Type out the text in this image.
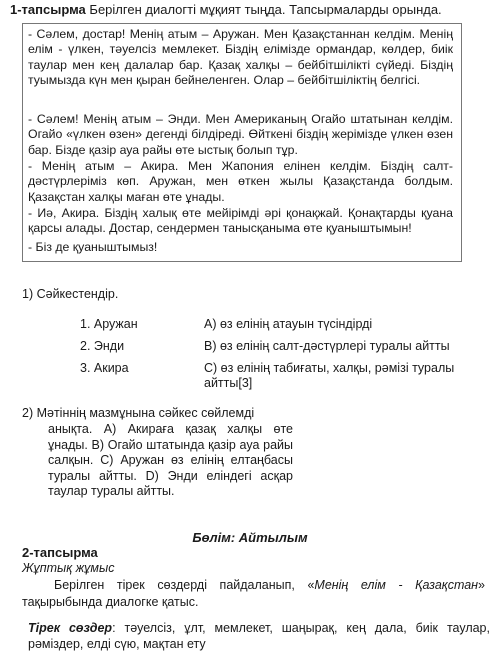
1-тапсырма Берілген диалогті мұқият тыңда. Тапсырмаларды орында.
- Сәлем, достар! Менің атым – Аружан. Мен Қазақстаннан келдім. Менің елім - үлкен, тәуелсіз мемлекет. Біздің елімізде ормандар, көлдер, биік таулар мен кең далалар бар. Қазақ халқы – бейбітшілікті сүйеді. Біздің туымызда күн мен қыран бейнеленген. Олар – бейбітшіліктің белгісі.
- Сәлем! Менің атым – Энди. Мен Американың Огайо штатынан келдім. Огайо «үлкен өзен» дегенді білдіреді. Өйткені біздің жерімізде үлкен өзен бар. Біздe қазір ауа райы өте ыстық болып тұр.
- Менің атым – Акира. Мен Жапония елінен келдім. Біздің салт-дәстүрлеріміз көп. Аружан, мен өткен жылы Қазақстанда болдым. Қазақстан халқы маған өте ұнады.
- Иә, Акира. Біздің халық өте мейірімді әрі қонақжай. Қонақтарды қуана қарсы алады. Достар, сендермен танысқаныма өте қуаныштымын!
- Біз де қуаныштымыз!
1) Сәйкестендір.
1. Аружан	А) өз елінің атауын түсіндірді
2. Энди	В) өз елінің салт-дәстүрлері туралы айтты
3. Акира	С) өз елінің табиғаты, халқы, рәмізі туралы айтты[3]
2) Мәтіннің мазмұнына сәйкес сөйлемді
анықта. А) Акираға қазақ халқы өте ұнады. В) Огайо штатында қазір ауа райы салқын. С) Аружан өз елінің елтаңбасы туралы айтты. D) Энди еліндегі асқар таулар туралы айтты.
Бөлім: Айтылым
2-тапсырма
Жұптық жұмыс
Берілген тірек сөздерді пайдаланып, «Менің елім - Қазақстан» тақырыбында диалогке қатыс.
Тірек сөздер: тәуелсіз, ұлт, мемлекет, шаңырақ, кең дала, биік таулар, рәміздер, елді сүю, мақтан ету
